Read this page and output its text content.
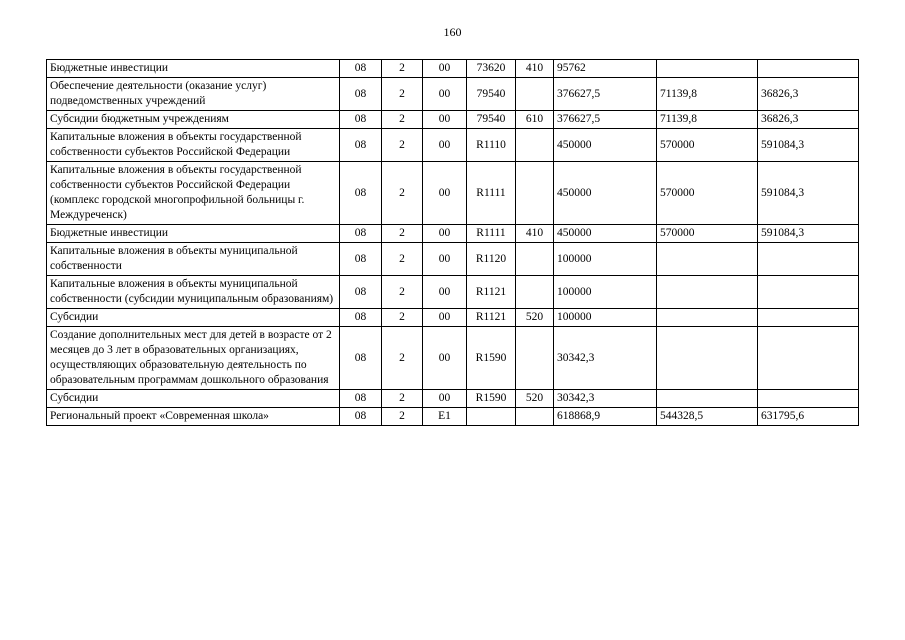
160
Бюджетные инвестиции	08	2	00	73620	410	95762		
Обеспечение деятельности (оказание услуг) подведомственных учреждений	08	2	00	79540		376627,5	71139,8	36826,3
Субсидии бюджетным учреждениям	08	2	00	79540	610	376627,5	71139,8	36826,3
Капитальные вложения в объекты государственной собственности субъектов Российской Федерации	08	2	00	R1110		450000	570000	591084,3
Капитальные вложения в объекты государственной собственности субъектов Российской Федерации (комплекс городской многопрофильной больницы г. Междуреченск)	08	2	00	R1111		450000	570000	591084,3
Бюджетные инвестиции	08	2	00	R1111	410	450000	570000	591084,3
Капитальные вложения в объекты муниципальной собственности	08	2	00	R1120		100000		
Капитальные вложения в объекты муниципальной собственности (субсидии муниципальным образованиям)	08	2	00	R1121		100000		
Субсидии	08	2	00	R1121	520	100000		
Создание дополнительных мест для детей в возрасте от 2 месяцев до 3 лет в образовательных организациях, осуществляющих образовательную деятельность по образовательным программам дошкольного образования	08	2	00	R1590		30342,3		
Субсидии	08	2	00	R1590	520	30342,3		
Региональный проект «Современная школа»	08	2	E1			618868,9	544328,5	631795,6
